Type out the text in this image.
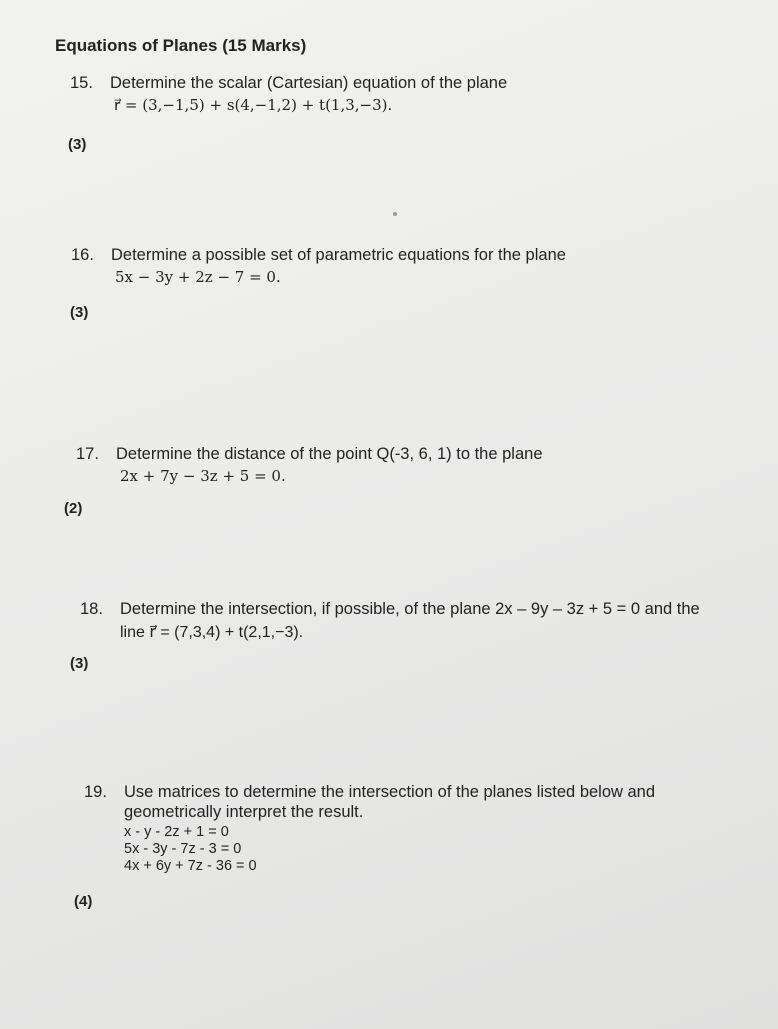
Equations of Planes (15 Marks)
15. Determine the scalar (Cartesian) equation of the plane
r⃗ = (3,−1,5) + s(4,−1,2) + t(1,3,−3).
(3)
16. Determine a possible set of parametric equations for the plane
5x − 3y + 2z − 7 = 0.
(3)
17. Determine the distance of the point Q(-3, 6, 1) to the plane
2x + 7y − 3z + 5 = 0.
(2)
18. Determine the intersection, if possible, of the plane 2x – 9y – 3z + 5 = 0 and the
line r⃗ = (7,3,4) + t(2,1,−3).
(3)
19. Use matrices to determine the intersection of the planes listed below and
geometrically interpret the result.
x - y - 2z + 1 = 0
5x - 3y - 7z - 3 = 0
4x + 6y + 7z - 36 = 0
(4)
